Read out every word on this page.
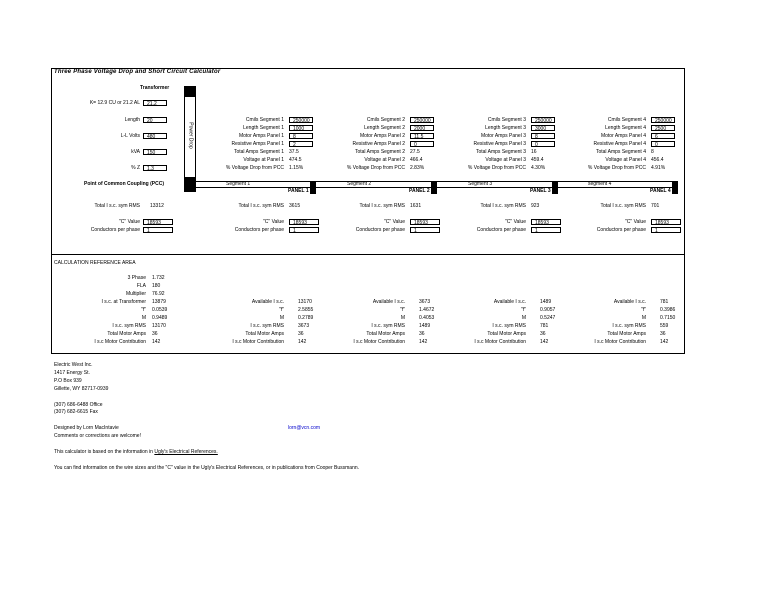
Three Phase Voltage Drop and Short Circuit Calculator
Transformer
K= 12.9 CU or 21.2 AL	21.2
Length	20
L-L Volts	480
kVA	150
% Z	1.3
Power Drop
Point of Common Coupling (PCC)
Total I s.c. sym RMS 13312
"C" Value	18593
Conductors per phase	1
Cmils Segment 1	250000
Length Segment 1	1000
Motor Amps Panel 1	8
Resistive Amps Panel 1	2
Total Amps Segment 1 37.5
Voltage at Panel 1 474.5
% Voltage Drop from PCC 1.15%
Segment 1
PANEL 1
Total I s.c. sym RMS 3615
"C" Value	18593
Conductors per phase	1
Cmils Segment 2	250000
Length Segment 2	2000
Motor Amps Panel 2	11.5
Resistive Amps Panel 2	0
Total Amps Segment 2 27.5
Voltage at Panel 2 466.4
% Voltage Drop from PCC 2.83%
Segment 2
PANEL 2
Total I s.c. sym RMS 1631
"C" Value	18593
Conductors per phase	1
Cmils Segment 3	250000
Length Segment 3	3000
Motor Amps Panel 3	8
Resistive Amps Panel 3	0
Total Amps Segment 3 16
Voltage at Panel 3 459.4
% Voltage Drop from PCC 4.30%
Segment 3
PANEL 3
Total I s.c. sym RMS 923
"C" Value	18593
Conductors per phase	1
Cmils Segment 4	250000
Length Segment 4	2500
Motor Amps Panel 4	6
Resistive Amps Panel 4	0
Total Amps Segment 4 8
Voltage at Panel 4 456.4
% Voltage Drop from PCC 4.91%
segment 4
PANEL 4
Total I s.c. sym RMS 701
"C" Value	18593
Conductors per phase	1
CALCULATION REFERENCE AREA
3 Phase 1.732
FLA 180
Multiplier 76.92
I s.c. at Transformer 13879
"f" 0.0539
M 0.9489
I s.c. sym RMS 13170
Total Motor Amps 36
I s.c Motor Contribution 142
Available I s.c.	13170
"f"	2.5855
M	0.2789
I s.c. sym RMS	3673
Total Motor Amps	36
I s.c Motor Contribution	142
Available I s.c.	3673
"f"	1.4672
M	0.4053
I s.c. sym RMS	1489
Total Motor Amps	36
I s.c Motor Contribution	142
Available I s.c.	1489
"f"	0.9057
M	0.5247
I s.c. sym RMS	781
Total Motor Amps	36
I s.c Motor Contribution	142
Available I s.c.	781
"f"	0.3986
M	0.7150
I s.c. sym RMS	559
Total Motor Amps	36
I s.c Motor Contribution	142
Electric West Inc.
1417 Energy St.
P.O Box 939
Gillette, WY 82717-0939
(307) 686-6488 Office
(307) 682-6615 Fax
Designed by Lorn MacIntavie	lorn@vcn.com
Comments or corrections are welcome!
This calculator is based on the information in Ugly's Electrical References.
You can find information on the wire sizes and the "C" value in the Ugly's Electrical References, or in publications from Cooper Bussmann.
